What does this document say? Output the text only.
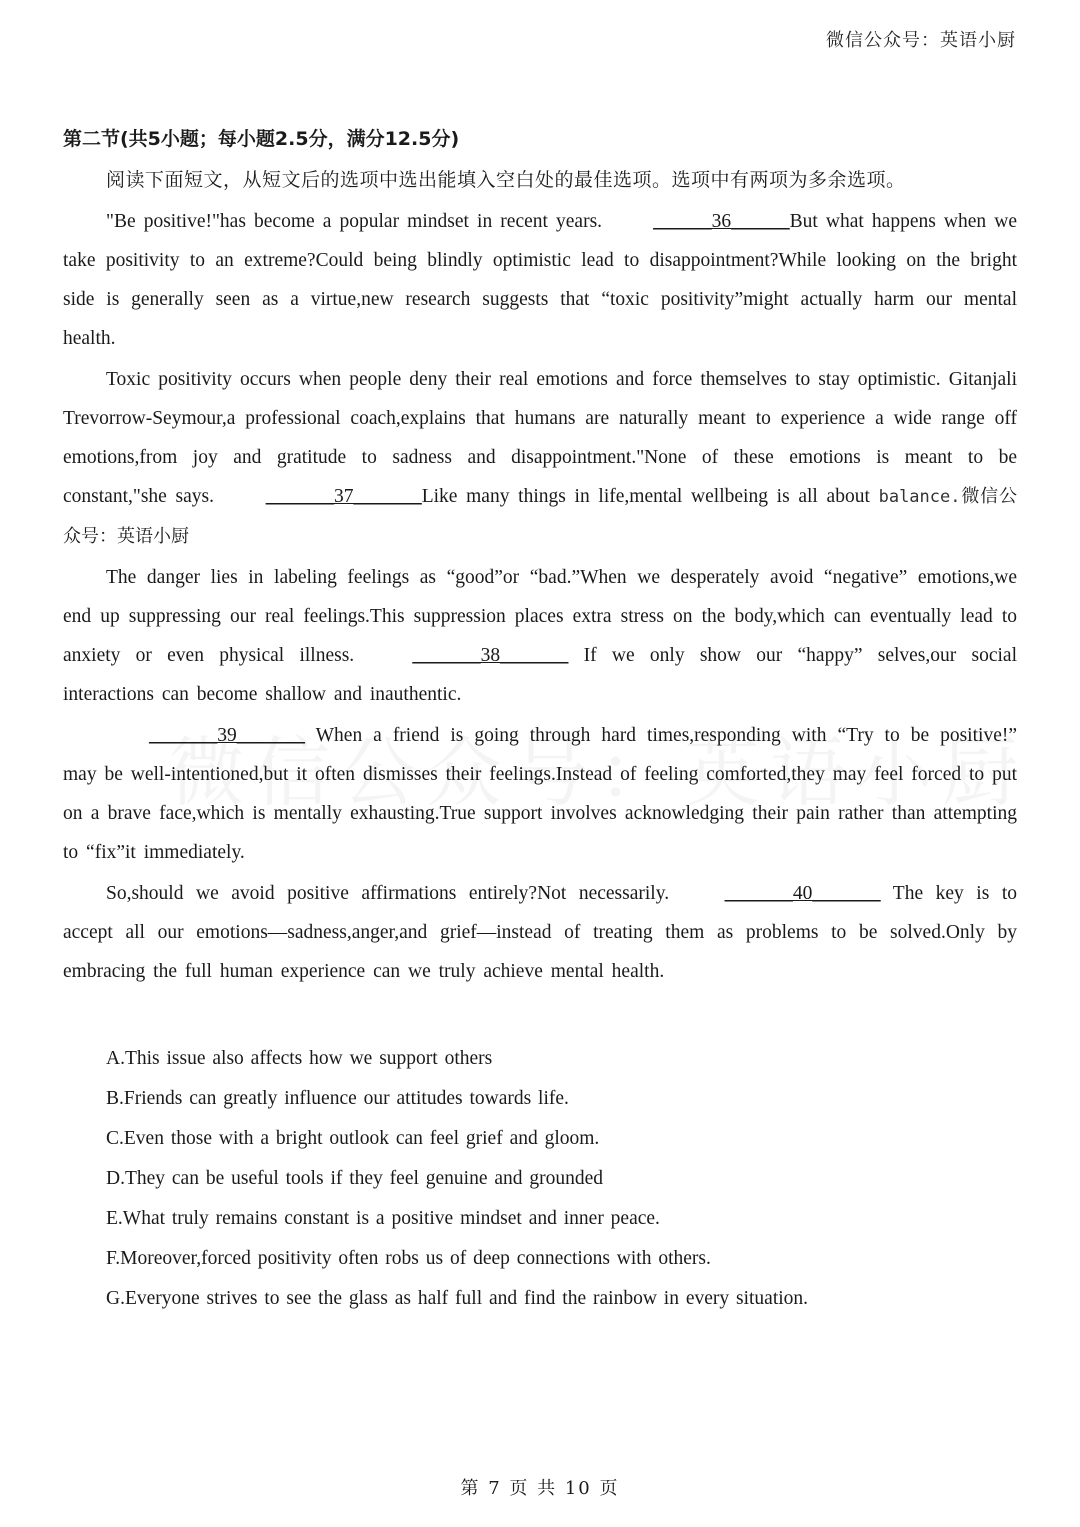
微信公众号：英语小厨

第二节(共5小题；每小题2.5分，满分12.5分)

阅读下面短文，从短文后的选项中选出能填入空白处的最佳选项。选项中有两项为多余选项。

"Be positive!"has become a popular mindset in recent years. ______36______But what happens when we take positivity to an extreme?Could being blindly optimistic lead to disappointment?While looking on the bright side is generally seen as a virtue,new research suggests that “toxic positivity”might actually harm our mental health.

Toxic positivity occurs when people deny their real emotions and force themselves to stay optimistic. Gitanjali Trevorrow-Seymour,a professional coach,explains that humans are naturally meant to experience a wide range off emotions,from joy and gratitude to sadness and disappointment."None of these emotions is meant to be constant,"she says. _______37_______Like many things in life,mental wellbeing is all about balance.微信公众号：英语小厨

The danger lies in labeling feelings as “good”or “bad.”When we desperately avoid “negative” emotions,we end up suppressing our real feelings.This suppression places extra stress on the body,which can eventually lead to anxiety or even physical illness. _______38_______ If we only show our “happy” selves,our social interactions can become shallow and inauthentic.

_______39_______ When a friend is going through hard times,responding with “Try to be positive!” may be well-intentioned,but it often dismisses their feelings.Instead of feeling comforted,they may feel forced to put on a brave face,which is mentally exhausting.True support involves acknowledging their pain rather than attempting to “fix”it immediately.

So,should we avoid positive affirmations entirely?Not necessarily. _______40_______ The key is to accept all our emotions—sadness,anger,and grief—instead of treating them as problems to be solved.Only by embracing the full human experience can we truly achieve mental health.

A.This issue also affects how we support others

B.Friends can greatly influence our attitudes towards life.

C.Even those with a bright outlook can feel grief and gloom.

D.They can be useful tools if they feel genuine and grounded

E.What truly remains constant is a positive mindset and inner peace.

F.Moreover,forced positivity often robs us of deep connections with others.

G.Everyone strives to see the glass as half full and find the rainbow in every situation.

第 7 页 共 10 页
